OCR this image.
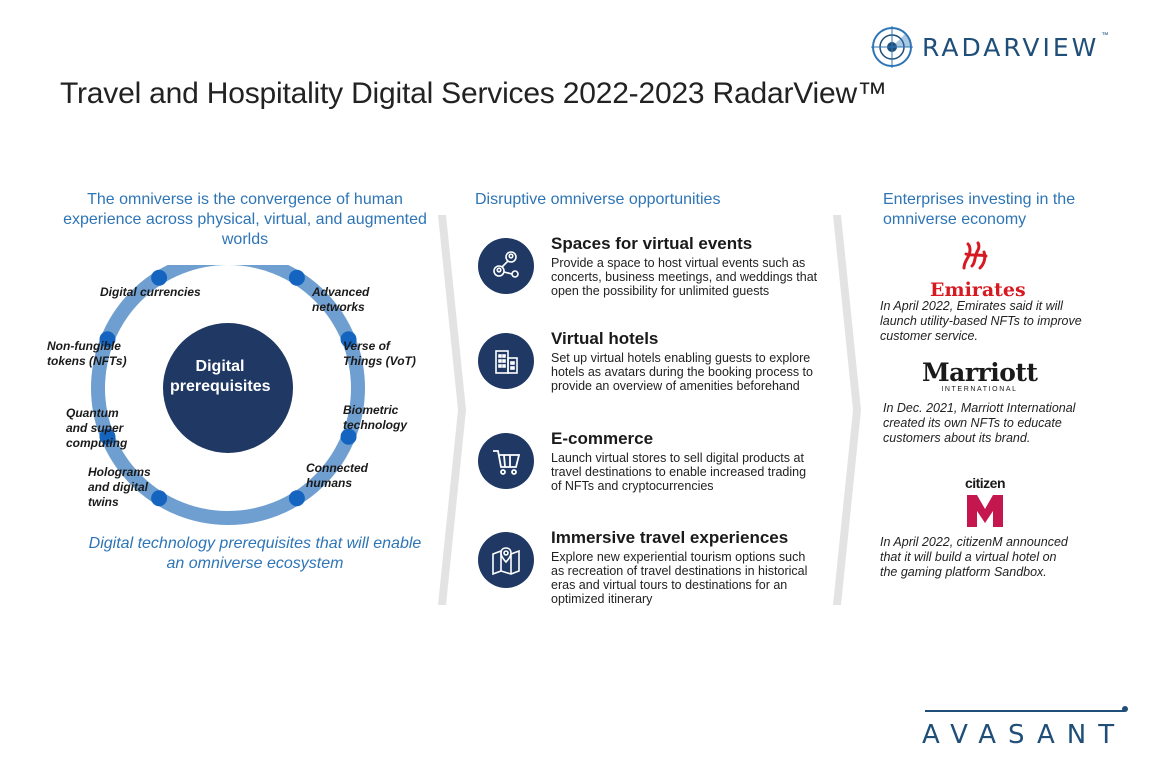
RADARVIEW ™
Travel and Hospitality Digital Services 2022-2023 RadarView™
The omniverse is the convergence of human experience across physical, virtual, and augmented worlds
Disruptive omniverse opportunities	Enterprises investing in the omniverse economy
Digital prerequisites
Digital currencies	Advanced networks
Non-fungible tokens (NFTs)
Verse of Things (VoT)
Quantum and super computing
Biometric technology
Holograms and digital twins
Connected humans
Digital technology prerequisites that will enable an omniverse ecosystem
Spaces for virtual events
Provide a space to host virtual events such as concerts, business meetings, and weddings that open the possibility for unlimited guests
Virtual hotels
Set up virtual hotels enabling guests to explore hotels as avatars during the booking process to provide an overview of amenities beforehand
E-commerce
Launch virtual stores to sell digital products at travel destinations to enable increased trading of NFTs and cryptocurrencies
Immersive travel experiences
Explore new experiential tourism options such as recreation of travel destinations in historical eras and virtual tours to destinations for an optimized itinerary
Emirates
In April 2022, Emirates said it will launch utility-based NFTs to improve customer service.
Marriott
INTERNATIONAL
In Dec. 2021, Marriott International created its own NFTs to educate customers about its brand.
citizen
In April 2022, citizenM announced that it will build a virtual hotel on the gaming platform Sandbox.
AVASANT
